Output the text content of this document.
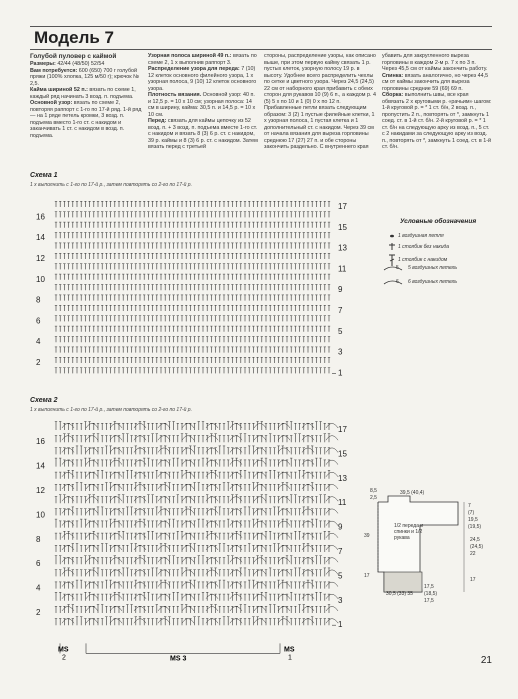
Модель 7

Голубой пуловер с каймой

Размеры: 42/44 (48/50) 52/54

Вам потребуется: 600 (650) 700 г голубой пряжи (100% хлопка, 125 м/50 г); крючок № 2,5.

Кайма шириной 52 п.: вязать по схеме 1, каждый ряд начинать 3 возд. п. подъема.

Основной узор: вязать по схеме 2, повторяя раппорт с 1-го по 17-й ряд. 1-й ряд — на 1 ряде петель кромки, 3 возд. п. подъема вместо 1-го ст. с накидом и заканчивать 1 ст. с накидом в возд. п. подъема.

Узорная полоса шириной 49 п.: вязать по схеме 2, 1 х выполнив раппорт 3.

Распределение узора для переда: 7 (10) 12 клеток основного филейного узора, 1 х узорная полоса, 9 (10) 12 клеток основного узора.

Плотность вязания. Основной узор: 40 п. и 12,5 р. = 10 х 10 см; узорная полоса: 14 см в ширину, кайма: 30,5 п. и 14,5 р. = 10 х 10 см.

Перед: связать для каймы цепочку из 52 возд. п. + 3 возд. п. подъема вместе 1-го ст. с накидом и вязать 8 (3) 6 р. ст. с накидом, 39 р. каймы и 8 (3) 6 р. ст. с накидом. Затем вязать перед с третьей

стороны, распределение узоры, как описано выше, при этом первую кайму связать 1 р. пустых клеток, узорную полосу 19 р. в высоту. Удобнее всего распределить чехлы по сетке и цветного узора. Через 24,5 (24,5) 22 см от наборного края прибавить с обеих сторон для рукавов 10 (9) 6 п., а каждом р. 4 (5) 5 х по 10 и 1 (0) 0 х по 12 п. Прибавленные петли вязать следующим образом: 3 (2) 1 пустые филейные клетки, 1 х узорная полоса, 1 пустая клетка и 1 дополнительный ст. с накидом. Через 39 см от начала вязания для выреза горловины среднюю 17 (27) 27 п. и обе стороны закончить раздельно. С внутреннего края

убавить для закругленного выреза горловины в каждом 2-м р. 7 х по 3 п. Через 45,5 см от каймы закончить работу.

Спинка: вязать аналогично, но через 44,5 см от каймы закончить для выреза горловины средние 59 (69) 69 п.

Сборка: выполнить швы, все края обвязать 2 х круговыми р. «рачьим» шагом: 1-й круговой р. = * 1 ст. б/н, 2 возд. п., пропустить 2 п., повторять от *, замкнуть 1 соед. ст. в 1-й ст. б/н. 2-й круговой р. = * 1 ст. б/н на следующую арку из возд. п., 5 ст. с 2 накидами за следующую арку из возд. п., повторять от *, замкнуть 1 соед. ст. в 1-й ст. б/н.

Схема 1
1 х выполнить с 1-го по 17-й р., затем повторять со 2-го по 17-й р.
17
16
15
14
13
12
11
10
9
8
7
6
5
4
3
2
1
Схема 2
1 х выполнить с 1-го по 17-й р., затем повторять со 2-го по 17-й р.
17
16
15
14
13
12
11
10
9
8
7
6
5
4
3
2
1
MS
2	MS 3
MS
1
Условные обозначения
1 воздушная петля
1 столбик без накида
1 столбик с накидом
5 воздушных петель
6 воздушных петель
5
6
39,5 (40,4)
8,5
2,5
7
(7)
19,5
(19,5)
24,5
(24,5)
22
17
39
1/2 переда и спинки и 1/2 рукава
30,5 (33) 35
17,5
(18,5)
17,5
17
21
